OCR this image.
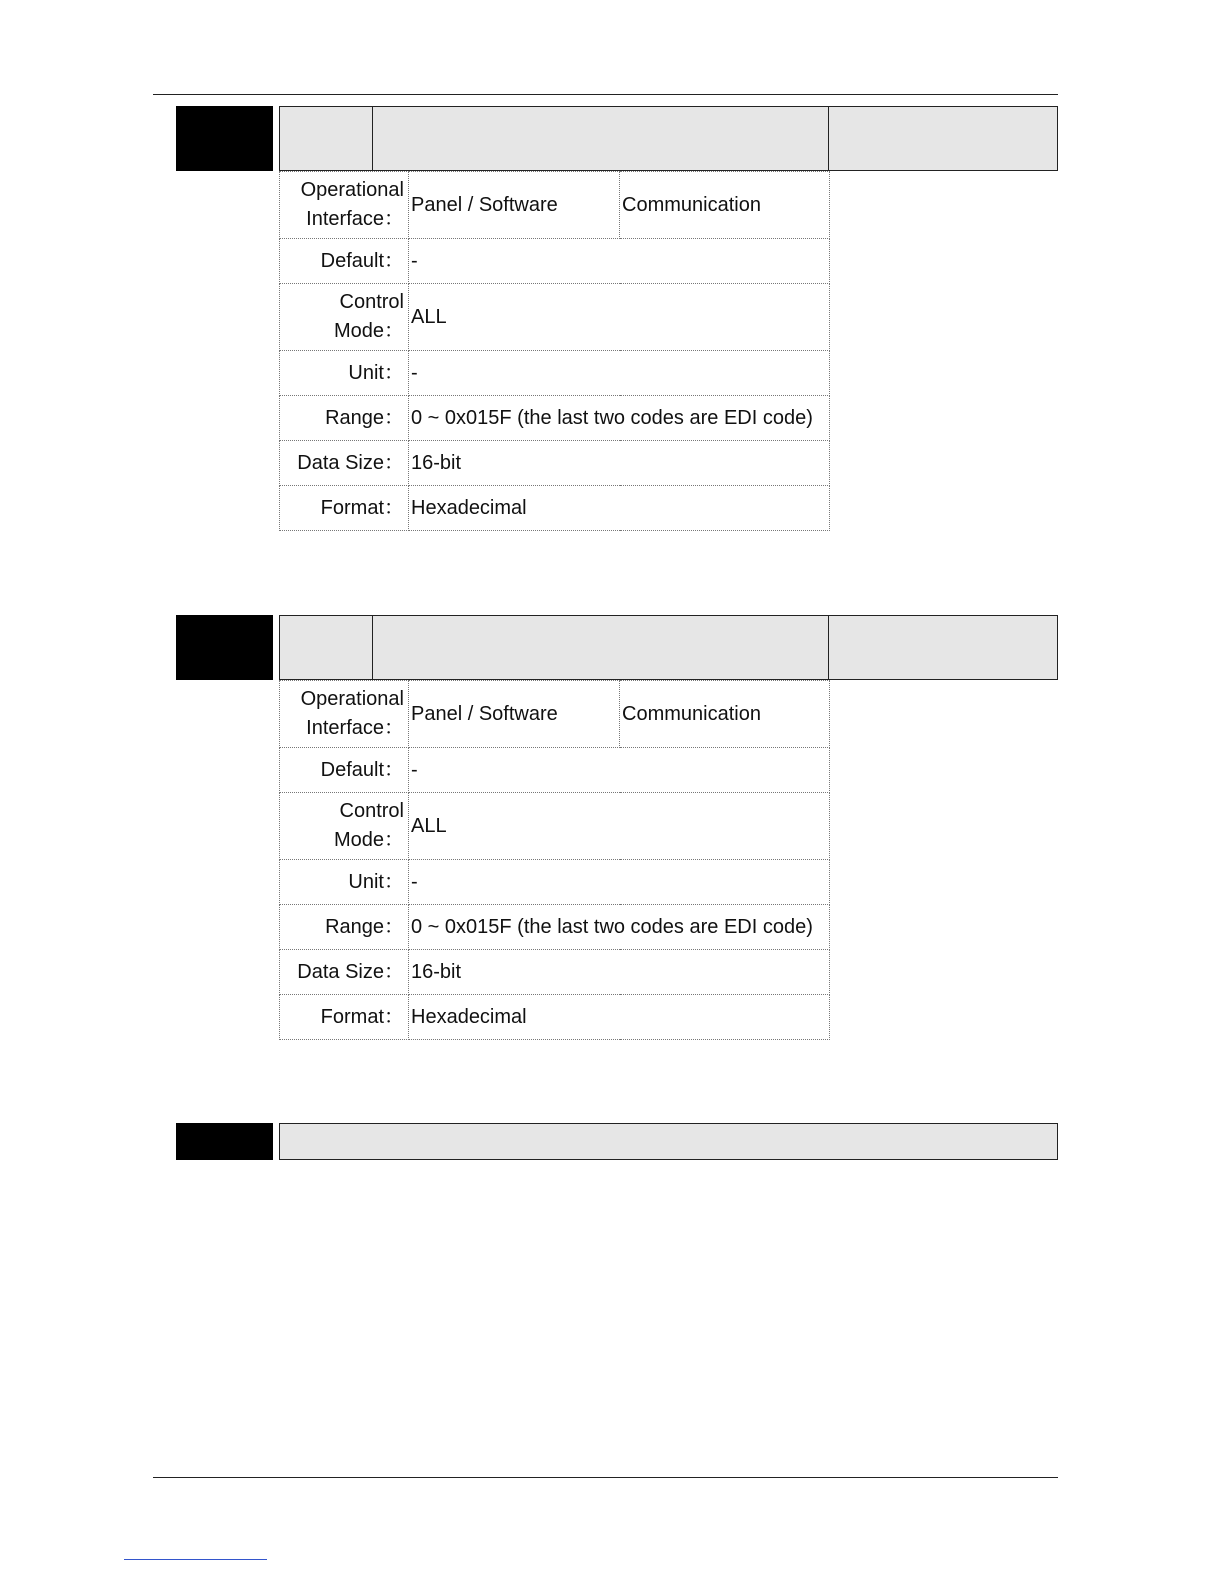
Operational
Interface：	Panel / Software	Communication
Default：	-	
Control
Mode：	ALL	
Unit：	-	
Range：	0 ~ 0x015F (the last two codes are EDI code)	
Data Size：	16-bit	
Format：	Hexadecimal	
Operational
Interface：	Panel / Software	Communication
Default：	-	
Control
Mode：	ALL	
Unit：	-	
Range：	0 ~ 0x015F (the last two codes are EDI code)	
Data Size：	16-bit	
Format：	Hexadecimal	
